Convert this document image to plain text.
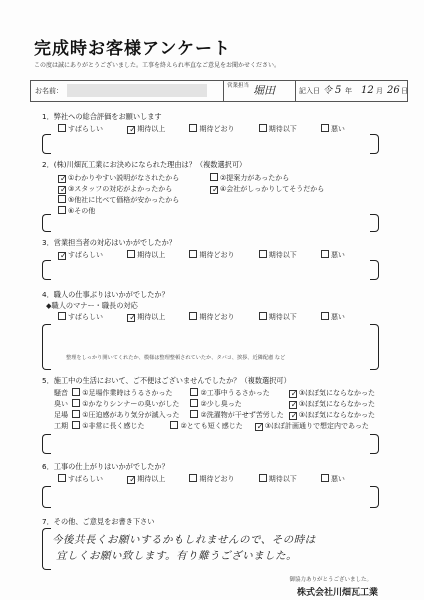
完成時お客様アンケート
この度は誠にありがとうございました。工事を終えられ率直なご意見をお聞かせください。
お名前：
営業担当 堀田	記入日 令 5 年 12 月 26 日
1．弊社への総合評価をお願いします
すばらしい ✓	期待以上	期待どおり	期待以下	悪い
2．(株)川畑瓦工業にお決めになられた理由は？（複数選択可）
✓①わかりやすい説明がなされたから	②提案力があったから
✓③スタッフの対応がよかったから ✓	④会社がしっかりしてそうだから
⑤他社に比べて価格が安かったから
⑥その他
3．営業担当者の対応はいかがでしたか？
✓すばらしい	期待以上	期待どおり	期待以下	悪い
4．職人の仕事ぶりはいかがでしたか？
◆職人のマナー・職長の対応
すばらしい ✓	期待以上	期待どおり	期待以下	悪い
整理をしっかり開いてくれたか、模様は整理整頓されていたか、タバコ、挨拶、近隣配慮 など
5．施工中の生活において、ご不便はございませんでしたか？（複数選択可）
騒音 ①足場作業時はうるさかった	②工事中うるさかった ✓	③ほぼ気にならなかった
臭い ①かなりシンナーの臭いがした	②少し臭った ✓	③ほぼ気にならなかった
足場 ①圧迫感があり気分が滅入った	②洗濯物が干せず苦労した ✓ ③ほぼ気にならなかった
工期 ①非常に長く感じた	②とても短く感じた ✓	③ほぼ計画通りで想定内であった
6．工事の仕上がりはいかがでしたか？
すばらしい ✓	期待以上	期待どおり	期待以下	悪い
7．その他、ご意見をお書き下さい
今後共長くお願いするかもしれませんので、その時は
宜しくお願い致します。有り難うございました。
御協力ありがとうございました。
株式会社川畑瓦工業
